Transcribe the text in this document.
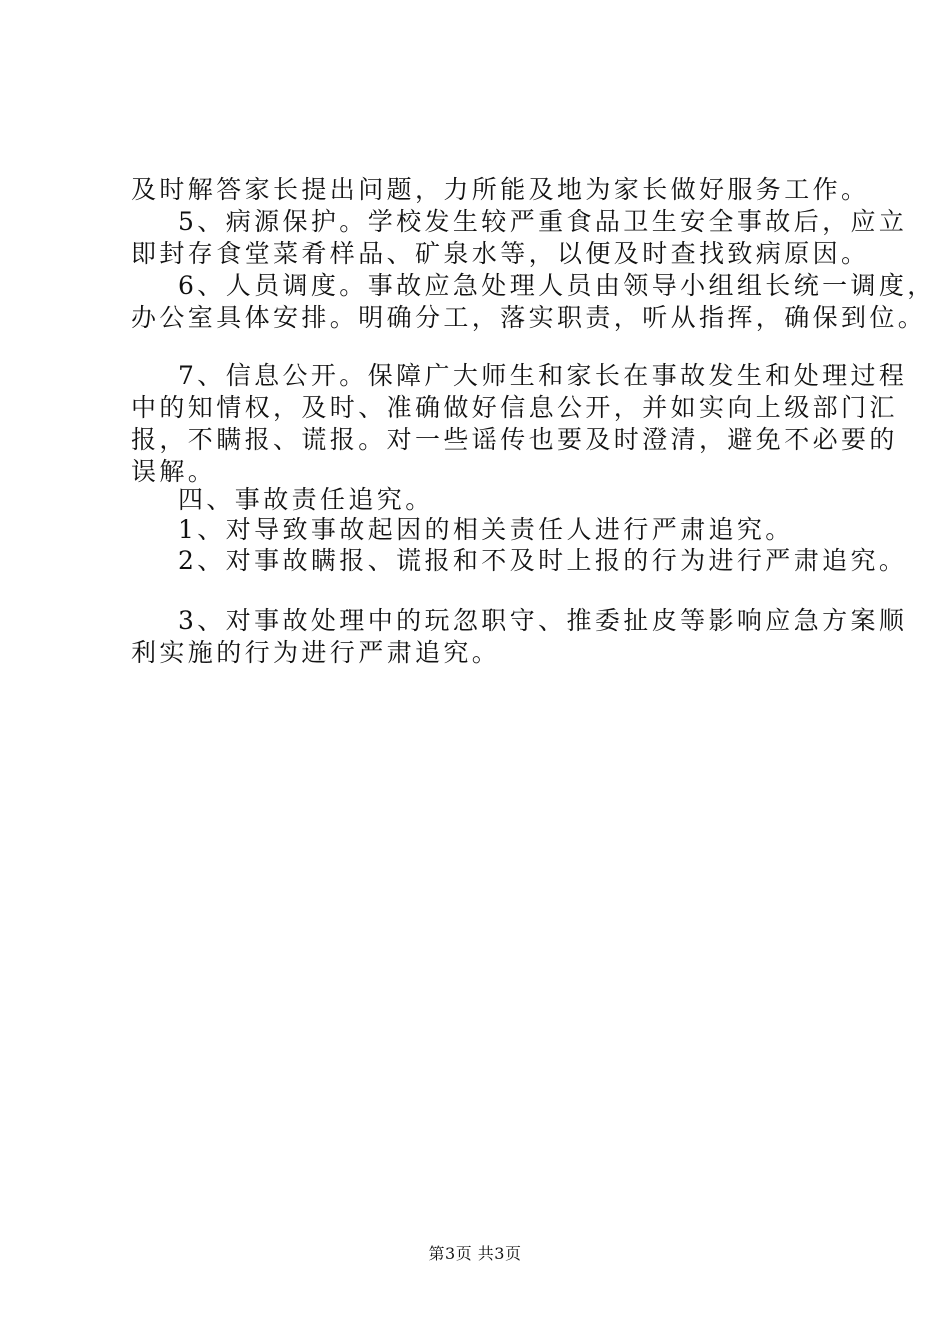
及时解答家长提出问题，力所能及地为家长做好服务工作。
5、病源保护。学校发生较严重食品卫生安全事故后，应立
即封存食堂菜肴样品、矿泉水等，以便及时查找致病原因。
6、人员调度。事故应急处理人员由领导小组组长统一调度，
办公室具体安排。明确分工，落实职责，听从指挥，确保到位。
7、信息公开。保障广大师生和家长在事故发生和处理过程
中的知情权，及时、准确做好信息公开，并如实向上级部门汇
报，不瞒报、谎报。对一些谣传也要及时澄清，避免不必要的
误解。
四、事故责任追究。
1、对导致事故起因的相关责任人进行严肃追究。
2、对事故瞒报、谎报和不及时上报的行为进行严肃追究。
3、对事故处理中的玩忽职守、推委扯皮等影响应急方案顺
利实施的行为进行严肃追究。
第3页 共3页
